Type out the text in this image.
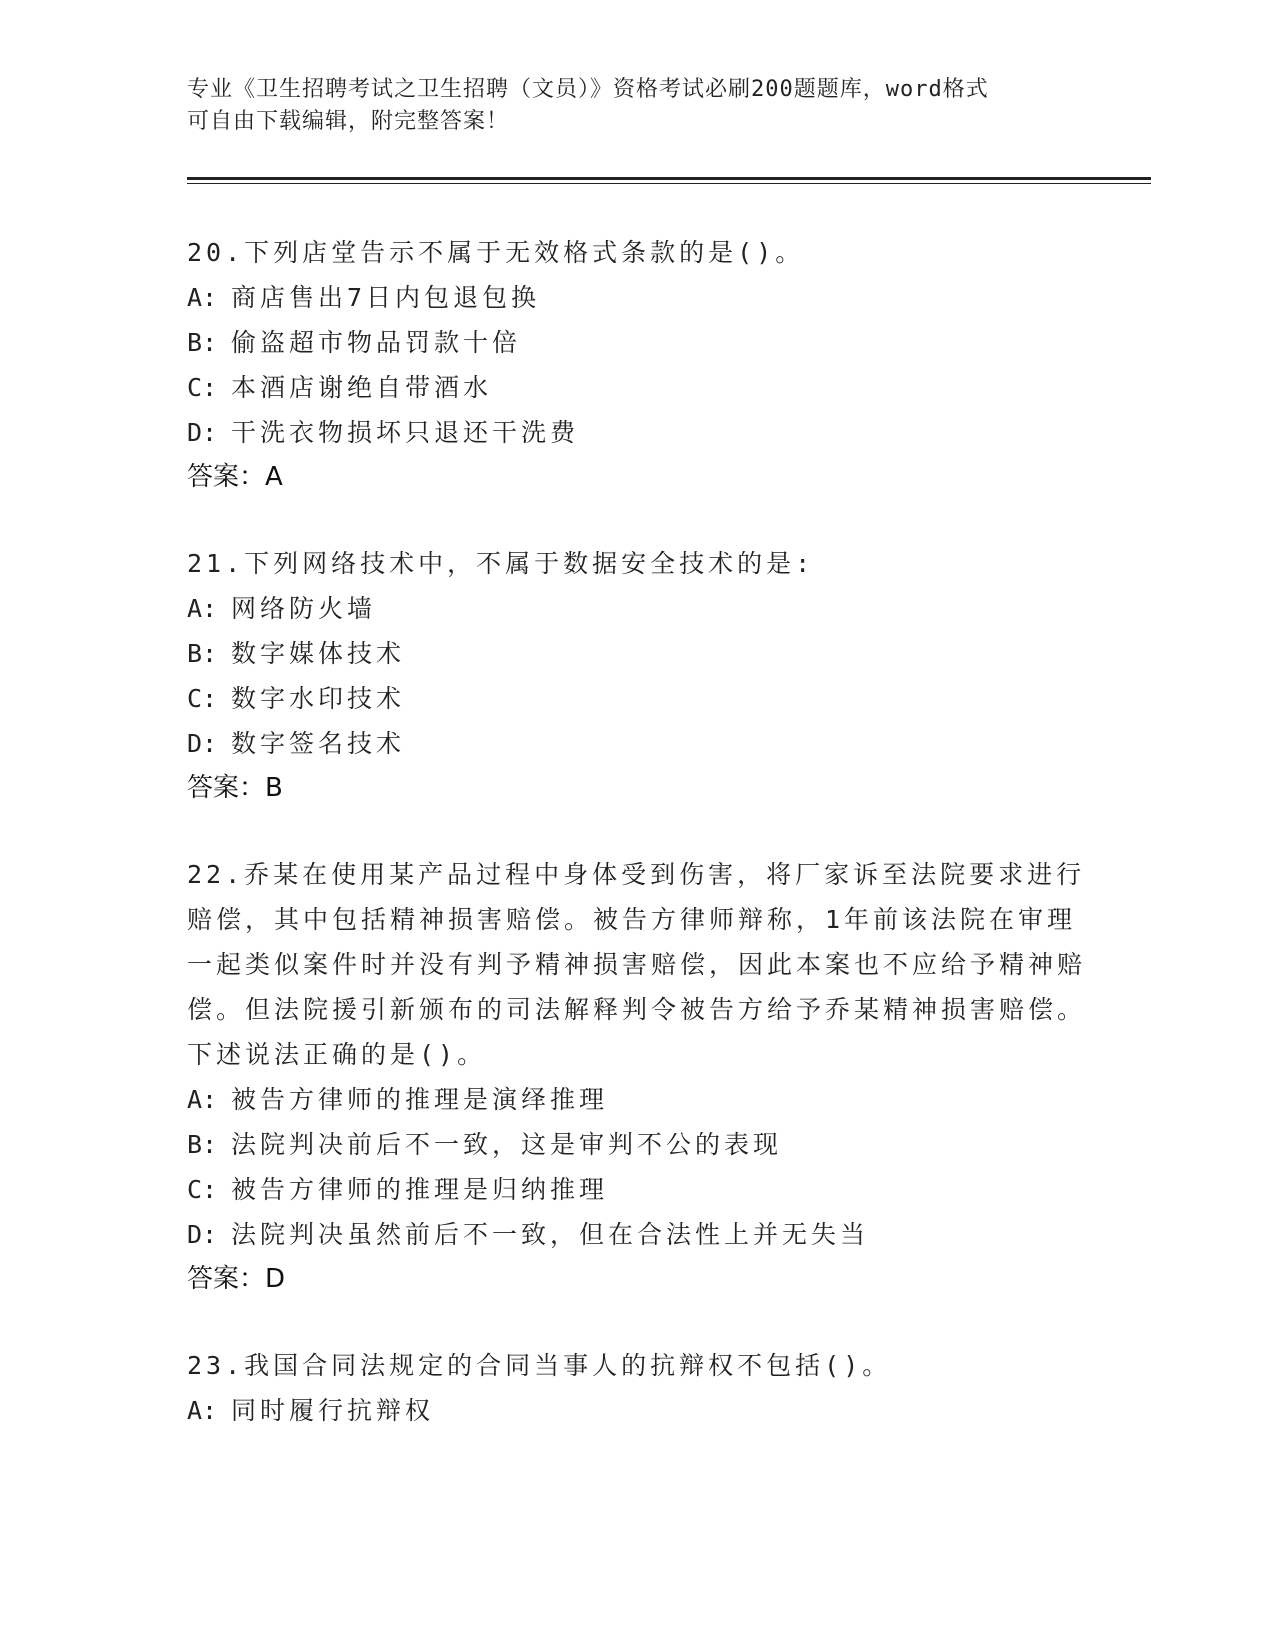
专业《卫生招聘考试之卫生招聘（文员）》资格考试必刷200题题库，word格式
可自由下载编辑，附完整答案！
20.下列店堂告示不属于无效格式条款的是()。
A: 商店售出7日内包退包换
B: 偷盗超市物品罚款十倍
C: 本酒店谢绝自带酒水
D: 干洗衣物损坏只退还干洗费
答案：A
21.下列网络技术中，不属于数据安全技术的是:
A: 网络防火墙
B: 数字媒体技术
C: 数字水印技术
D: 数字签名技术
答案：B
22.乔某在使用某产品过程中身体受到伤害，将厂家诉至法院要求进行赔偿，其中包括精神损害赔偿。被告方律师辩称，1年前该法院在审理一起类似案件时并没有判予精神损害赔偿，因此本案也不应给予精神赔偿。但法院援引新颁布的司法解释判令被告方给予乔某精神损害赔偿。下述说法正确的是()。
A: 被告方律师的推理是演绎推理
B: 法院判决前后不一致，这是审判不公的表现
C: 被告方律师的推理是归纳推理
D: 法院判决虽然前后不一致，但在合法性上并无失当
答案：D
23.我国合同法规定的合同当事人的抗辩权不包括()。
A: 同时履行抗辩权
